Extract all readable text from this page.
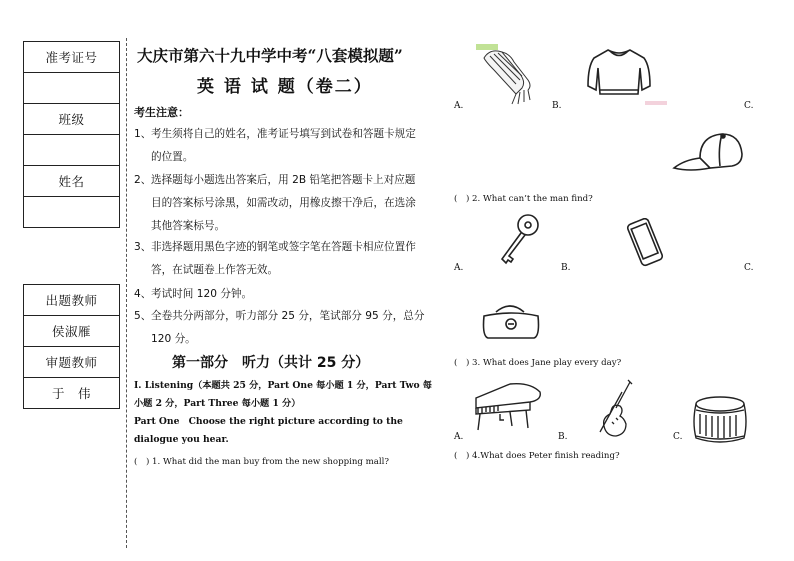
准考证号

班级

姓名

出题教师
侯淑雁
审题教师
于　伟
大庆市第六十九中学中考“八套模拟题”
英 语 试 题（卷二）
考生注意：
1、考生须将自己的姓名，准考证号填写到试卷和答题卡规定
的位置。
2、选择题每小题选出答案后，用 2B 铅笔把答题卡上对应题
目的答案标号涂黑，如需改动，用橡皮擦干净后，在选涂
其他答案标号。
3、非选择题用黑色字迹的钢笔或签字笔在答题卡相应位置作
答，在试题卷上作答无效。
4、考试时间 120 分钟。
5、全卷共分两部分，听力部分 25 分，笔试部分 95 分，总分
120 分。
第一部分　听力（共计 25 分）
I. Listening（本题共 25 分，Part One 每小题 1 分，Part Two 每小题 2 分，Part Three 每小题 1 分）
Part One　Choose the right picture according to the dialogue you hear.
(　) 1. What did the man buy from the new shopping mall?
A.	B.	C.
(　) 2. What can’t the man find?
A.	B.	C.
(　) 3. What does Jane play every day?
A.	B.	C.
(　) 4.What does Peter finish reading?
